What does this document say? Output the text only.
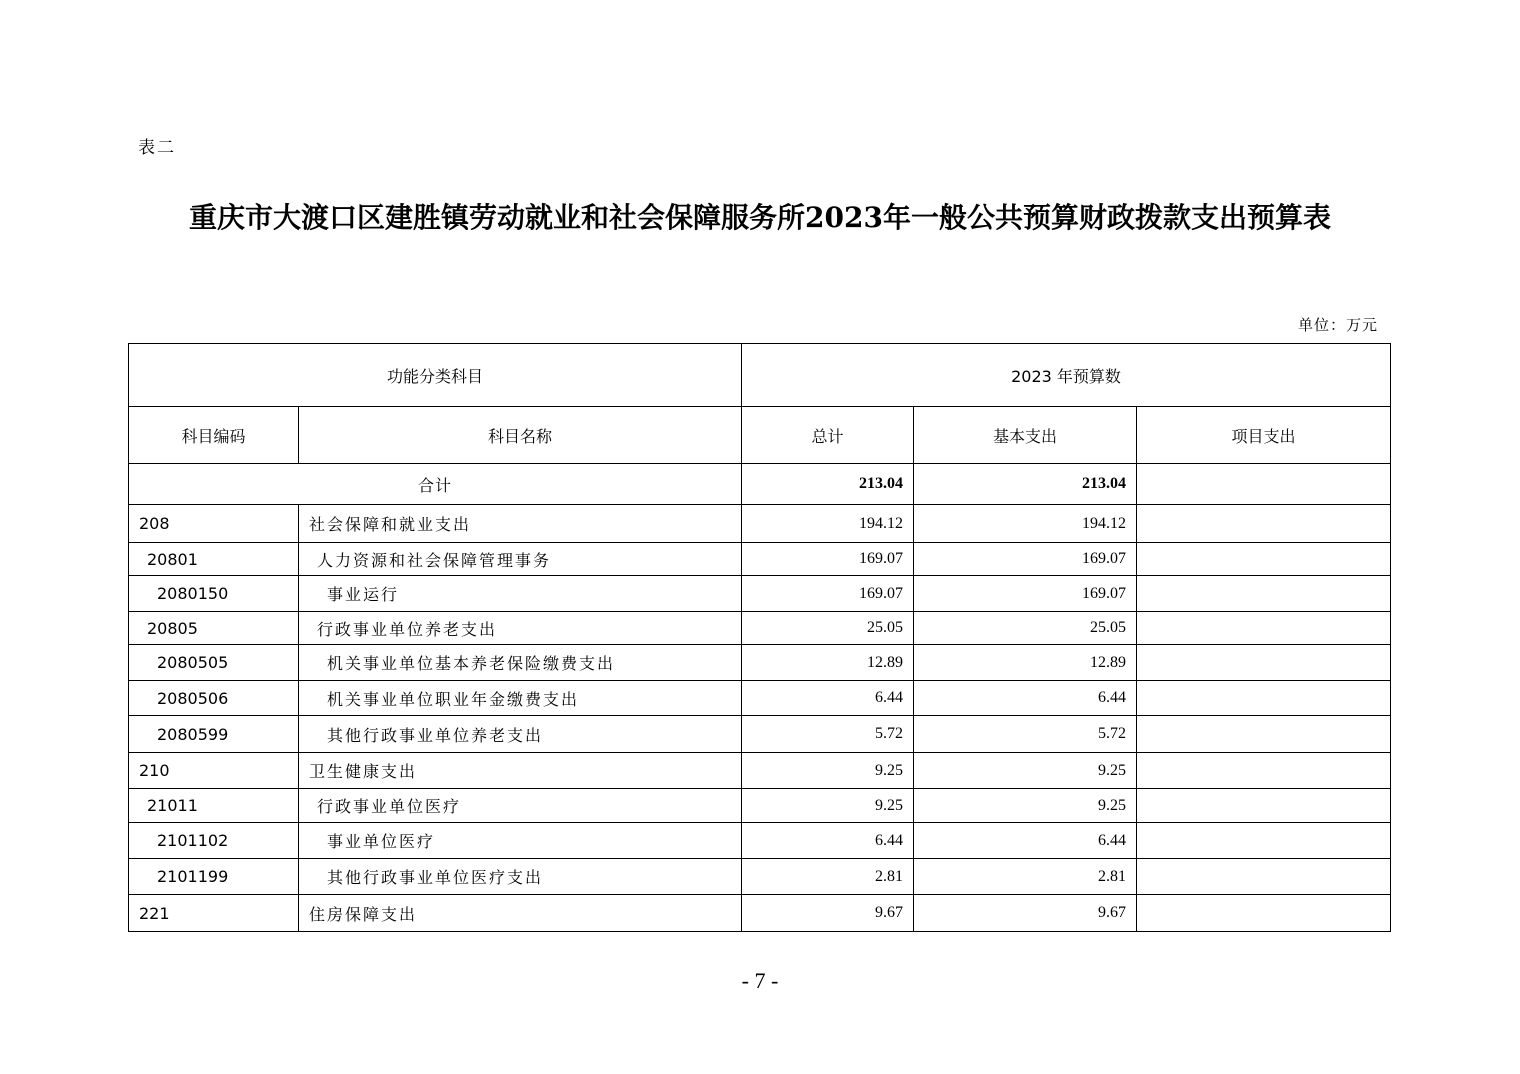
表二
重庆市大渡口区建胜镇劳动就业和社会保障服务所2023年一般公共预算财政拨款支出预算表
单位：万元
功能分类科目		2023 年预算数		
科目编码	科目名称	总计	基本支出	项目支出
合计		213.04	213.04	
208	社会保障和就业支出	194.12	194.12	
20801	人力资源和社会保障管理事务	169.07	169.07	
2080150	事业运行	169.07	169.07	
20805	行政事业单位养老支出	25.05	25.05	
2080505	机关事业单位基本养老保险缴费支出	12.89	12.89	
2080506	机关事业单位职业年金缴费支出	6.44	6.44	
2080599	其他行政事业单位养老支出	5.72	5.72	
210	卫生健康支出	9.25	9.25	
21011	行政事业单位医疗	9.25	9.25	
2101102	事业单位医疗	6.44	6.44	
2101199	其他行政事业单位医疗支出	2.81	2.81	
221	住房保障支出	9.67	9.67	
- 7 -
